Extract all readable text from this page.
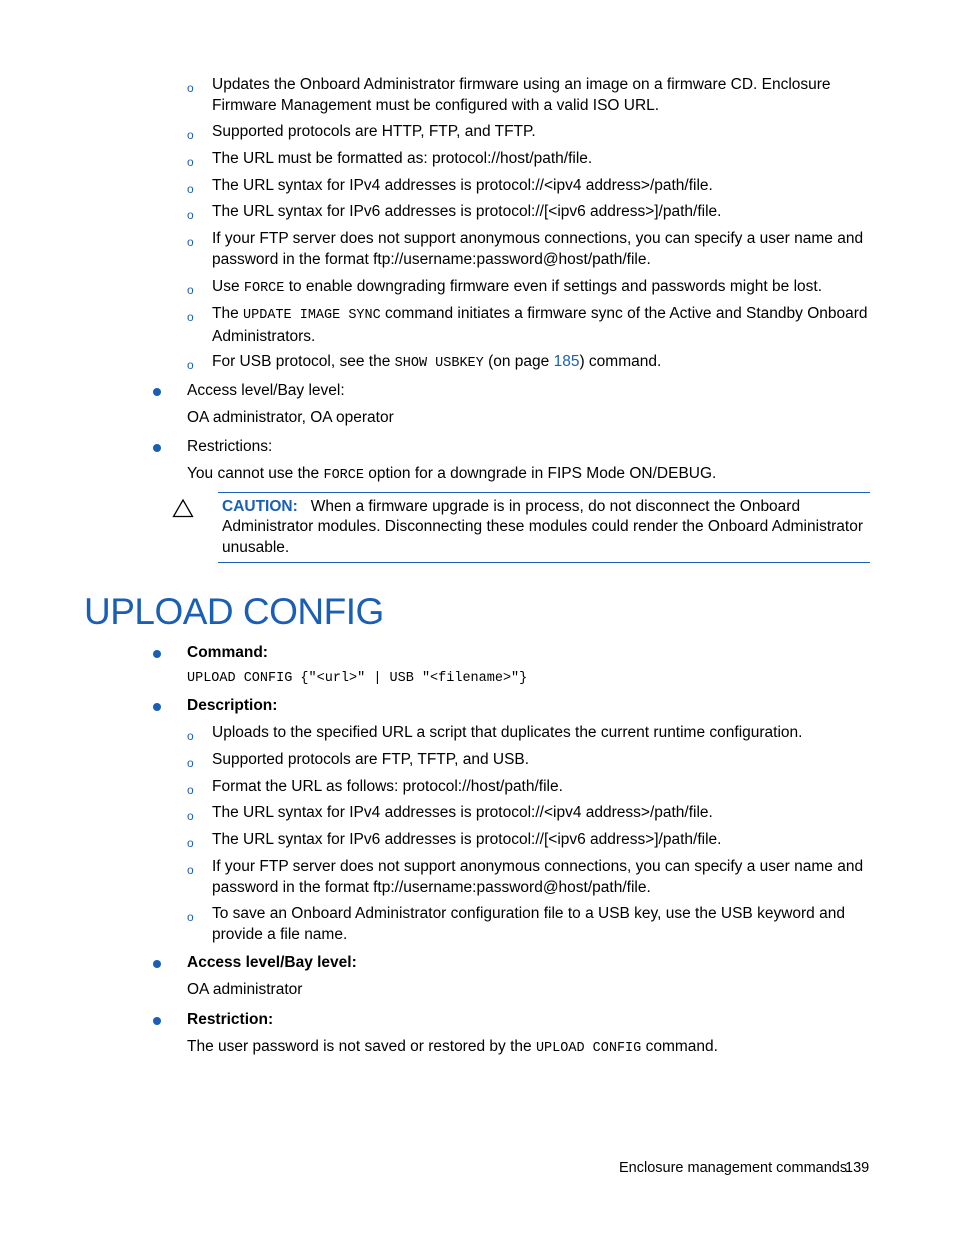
o	Updates the Onboard Administrator firmware using an image on a firmware CD. Enclosure
Firmware Management must be configured with a valid ISO URL.
o	Supported protocols are HTTP, FTP, and TFTP.
o	The URL must be formatted as: protocol://host/path/file.
o	The URL syntax for IPv4 addresses is protocol://<ipv4 address>/path/file.
o	The URL syntax for IPv6 addresses is protocol://[<ipv6 address>]/path/file.
o	If your FTP server does not support anonymous connections, you can specify a user name and
password in the format ftp://username:password@host/path/file.
o	Use FORCE to enable downgrading firmware even if settings and passwords might be lost.
o	The UPDATE IMAGE SYNC command initiates a firmware sync of the Active and Standby Onboard
Administrators.
o	For USB protocol, see the SHOW USBKEY (on page 185) command.
Access level/Bay level:
OA administrator, OA operator
Restrictions:
You cannot use the FORCE option for a downgrade in FIPS Mode ON/DEBUG.
CAUTION: When a firmware upgrade is in process, do not disconnect the Onboard
Administrator modules. Disconnecting these modules could render the Onboard Administrator
unusable.
UPLOAD CONFIG
Command:
UPLOAD CONFIG {"<url>" | USB "<filename>"}
Description:
o	Uploads to the specified URL a script that duplicates the current runtime configuration.
o	Supported protocols are FTP, TFTP, and USB.
o	Format the URL as follows: protocol://host/path/file.
o	The URL syntax for IPv4 addresses is protocol://<ipv4 address>/path/file.
o	The URL syntax for IPv6 addresses is protocol://[<ipv6 address>]/path/file.
o	If your FTP server does not support anonymous connections, you can specify a user name and
password in the format ftp://username:password@host/path/file.
o	To save an Onboard Administrator configuration file to a USB key, use the USB keyword and
provide a file name.
Access level/Bay level:
OA administrator
Restriction:
The user password is not saved or restored by the UPLOAD CONFIG command.
Enclosure management commands
139
